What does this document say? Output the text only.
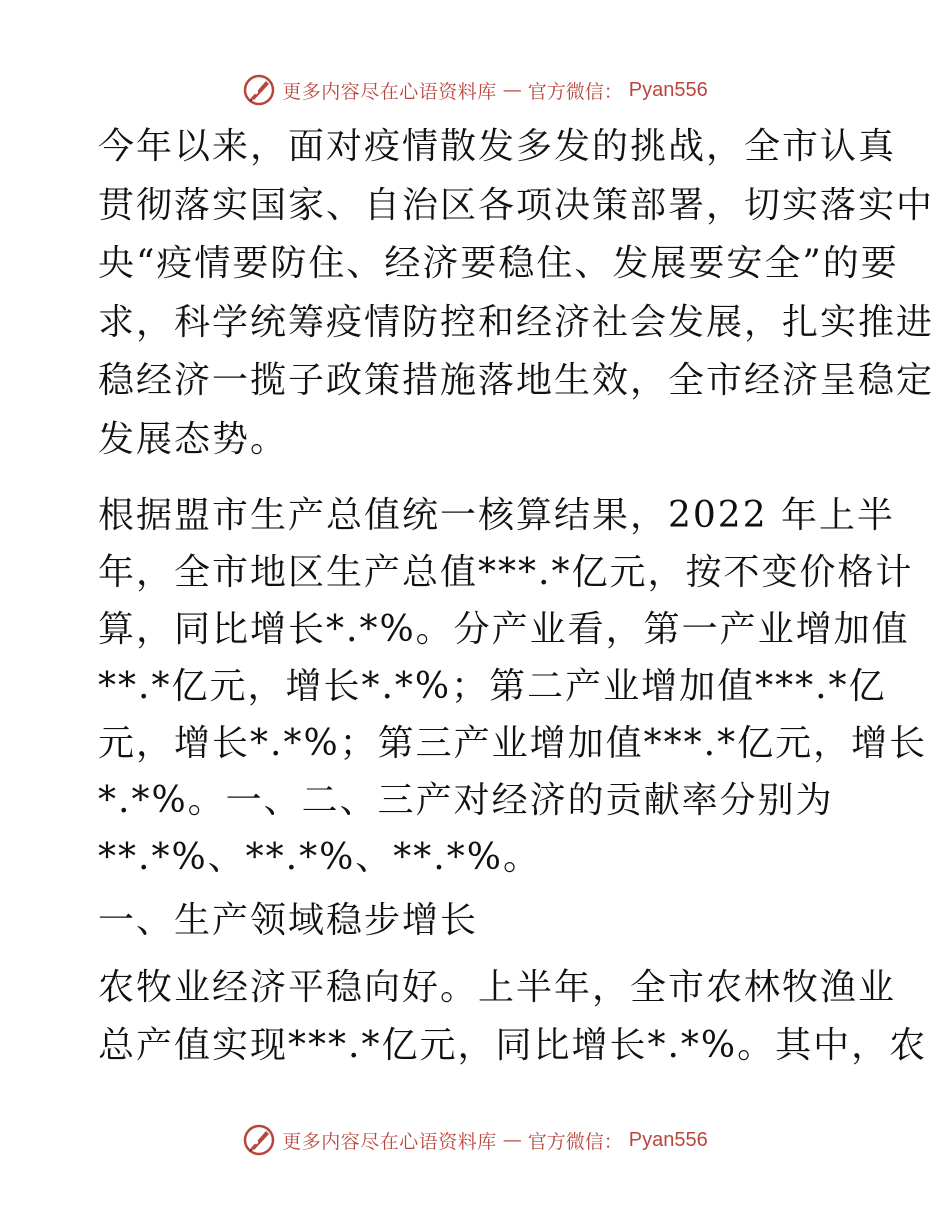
更多内容尽在心语资料库 — 官方微信： Pyan556

今年以来，面对疫情散发多发的挑战，全市认真
贯彻落实国家、自治区各项决策部署，切实落实中
央“疫情要防住、经济要稳住、发展要安全”的要
求，科学统筹疫情防控和经济社会发展，扎实推进
稳经济一揽子政策措施落地生效，全市经济呈稳定
发展态势。

根据盟市生产总值统一核算结果，2022 年上半
年，全市地区生产总值***.*亿元，按不变价格计
算，同比增长*.*%。分产业看，第一产业增加值
**.*亿元，增长*.*%；第二产业增加值***.*亿
元，增长*.*%；第三产业增加值***.*亿元，增长
*.*%。一、二、三产对经济的贡献率分别为
**.*%、**.*%、**.*%。

一、生产领域稳步增长

农牧业经济平稳向好。上半年，全市农林牧渔业
总产值实现***.*亿元，同比增长*.*%。其中，农

更多内容尽在心语资料库 — 官方微信： Pyan556
